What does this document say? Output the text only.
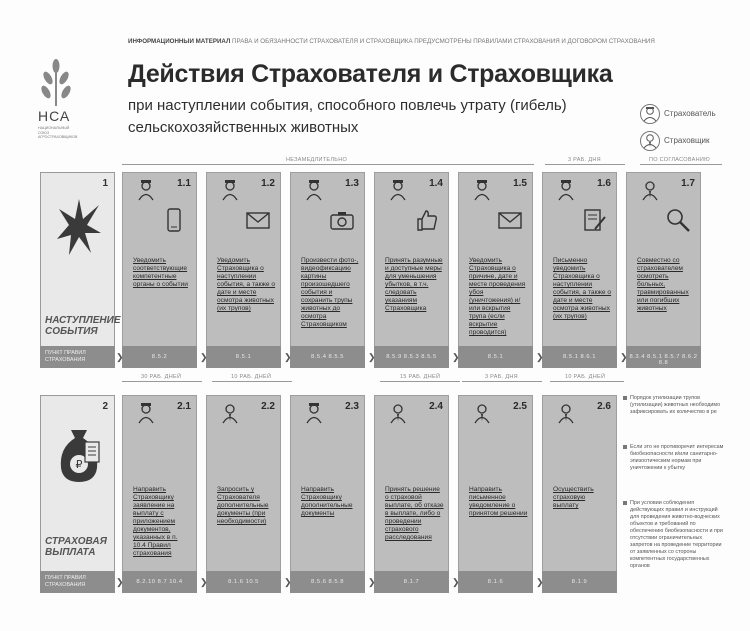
ИНФОРМАЦИОННЫЙ МАТЕРИАЛ ПРАВА И ОБЯЗАННОСТИ СТРАХОВАТЕЛЯ И СТРАХОВЩИКА ПРЕДУСМОТРЕНЫ ПРАВИЛАМИ СТРАХОВАНИЯ И ДОГОВОРОМ СТРАХОВАНИЯ
НСА
НАЦИОНАЛЬНЫЙ СОЮЗ АГРОСТРАХОВЩИКОВ
Действия Страхователя и Страховщика
при наступлении события, способного повлечь утрату (гибель) сельскохозяйственных животных
Страхователь
Страховщик
НЕЗАМЕДЛИТЕЛЬНО	3 РАБ. ДНЯ	ПО СОГЛАСОВАНИЮ
1
НАСТУПЛЕНИЕ СОБЫТИЯ
ПУНКТ ПРАВИЛ СТРАХОВАНИЯ
1.1
Уведомить соответствующие компетентные органы о событии
8.5.2
❯
1.2
Уведомить Страховщика о наступлении события, а также о дате и месте осмотра животных (их трупов)
8.5.1
❯
1.3
Произвести фото-, видеофиксацию картины произошедшего события и сохранить трупы животных до осмотра Страховщиком
8.5.4 8.5.5
❯
1.4
Принять разумные и доступные меры для уменьшения убытков, в т.ч. следовать указаниям Страховщика
8.5.9 8.5.3 8.5.5
❯
1.5
Уведомить Страховщика о причине, дате и месте проведения убоя (уничтожения) и/или вскрытия трупа (если вскрытие проводится)
8.5.1
❯
1.6
Письменно уведомить Страховщика о наступлении события, а также о дате и месте осмотра животных (их трупов)
8.5.1 8.6.1
❯
1.7
Совместно со страхователем осмотреть больных, травмированных или погибших животных
8.3.4 8.5.1 8.5.7 8.6.2 8.8
❯
30 РАБ. ДНЕЙ	10 РАБ. ДНЕЙ	15 РАБ. ДНЕЙ	3 РАБ. ДНЯ	10 РАБ. ДНЕЙ
2
₽
СТРАХОВАЯ ВЫПЛАТА
ПУНКТ ПРАВИЛ СТРАХОВАНИЯ
2.1
Направить Страховщику заявление на выплату с приложением документов, указанных в п. 10.4 Правил страхования
8.2.10 8.7 10.4
❯
2.2
Запросить у Страхователя дополнительные документы (при необходимости)
8.1.6 10.5
❯
2.3
Направить Страховщику дополнительные документы
8.5.6 8.5.8
❯
2.4
Принять решение о страховой выплате, об отказе в выплате, либо о проведении страхового расследования
8.1.7
❯
2.5
Направить письменное уведомление о принятом решении
8.1.6
❯
2.6
Осуществить страховую выплату
8.1.9
❯
Порядок утилизации трупов (утилизации) животных необходимо зафиксировать их количество в ре
Если это не противоречит интересам биобезопасности и/или санитарно-эпизоотическим нормам при уничтожении к убытку
При условии соблюдения действующих правил и инструкций для проведения животно-водческих объектов и требований по обеспечению биобезопасности и при отсутствии ограничительных запретов на проведение территории от заявленных со стороны компетентных государственных органов
